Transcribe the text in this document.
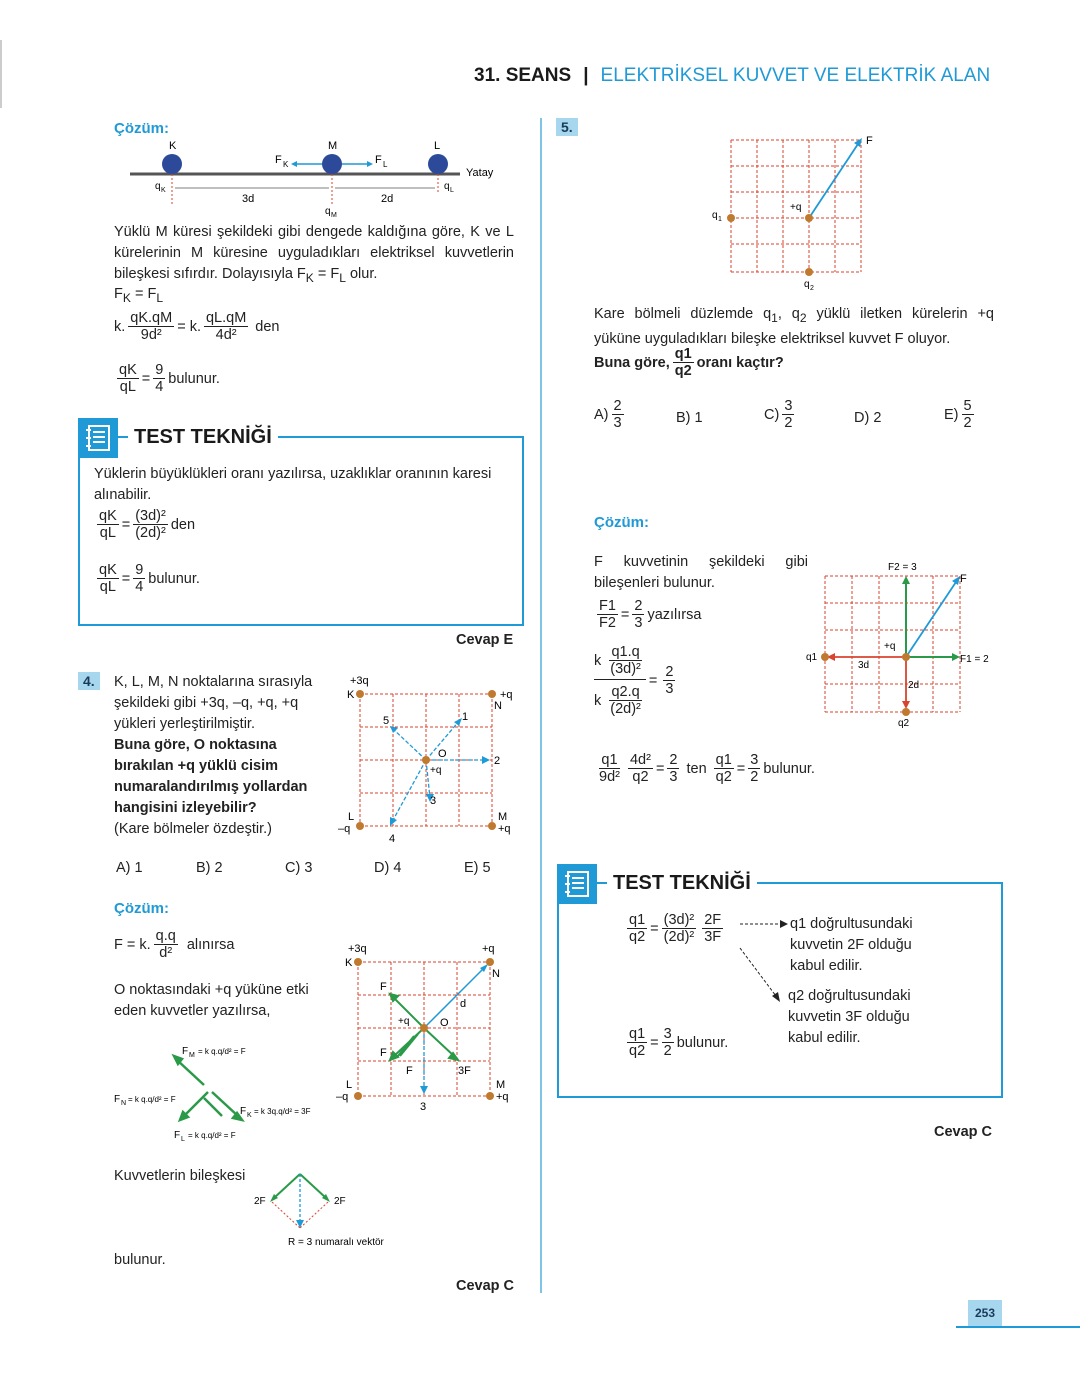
31. SEANS | ELEKTRİKSEL KUVVET VE ELEKTRİK ALAN
Çözüm:
K	M	L
F K	F L
Yatay
q K	q L
3d	2d
q M
Yüklü M küresi şekildeki gibi dengede kaldığına göre, K ve L kürelerinin M küresine uyguladıkları elektriksel kuvvetlerin bileşkesi sıfırdır. Dolayısıyla $F_K = F_L$ olur.
$F_K = F_L$
k. $\frac{qK.qM}{\text{9d²}} = k$. $\frac{qL.qM}{\text{4d²}}$ den
$\frac{qK}{qL} = \frac{9}{4}$ bulunur.
TEST TEKNİĞİ
Yüklerin büyüklükleri oranı yazılırsa, uzaklıklar oranının karesi alınabilir.
$\frac{qK}{qL} = \frac{\text{(3d)²}}{\text{(2d)²}}$ den
$\frac{qK}{qL} = \frac{9}{4}$ bulunur.
Cevap E
4.	K, L, M, N noktalarına sırasıyla şekildeki gibi +3q, –q, +q, +q yükleri yerleştirilmiştir.
Buna göre, O noktasına bırakılan +q yüklü cisim numaralandırılmış yollardan hangisini izleyebilir?
(Kare bölmeler özdeştir.)
+3q
K	+q
N
L
–q
M
+q
O
+q
1
2
3
4
5
A) 1	B) 2	C) 3	D) 4	E) 5
Çözüm:
F = k. $\frac{q.q}{\text{d²}}$ alınırsa
O noktasındaki +q yüküne etki eden kuvvetler yazılırsa,
F M = k q.q/d² = F
F N = k q.q/d² = F
F K = k 3q.q/d² = 3F
F L = k q.q/d² = F
+3q
K
+q
N
L
–q
M
+q
O
+q
F
F
F	3F
d
3
Kuvvetlerin bileşkesi
2F	2F
R = 3 numaralı vektör
bulunur.
Cevap C
5.
F
q 1
+q
q 2
Kare bölmeli düzlemde $q_1$, $q_2$ yüklü iletken kürelerin +q yüküne uyguladıkları bileşke elektriksel kuvvet F oluyor.
Buna göre, $\frac{q1}{q2}$ oranı kaçtır?
$A) \frac{2}{3}$	B) 1	$C) \frac{3}{2}$	D) 2	$E) \frac{5}{2}$
Çözüm:
F kuvvetinin şekildeki gibi bileşenleri bulunur.
$\frac{F1}{F2} = \frac{2}{3}$ yazılırsa
$\frac{k \frac{q1.q}{\text{(3d)²}}}{k \frac{q2.q}{\text{(2d)²}}} = \frac{2}{3}$
$\frac{q1}{\text{9d²}} \frac{\text{4d²}}{q2} = \frac{2}{3}$ ten $\frac{q1}{q2} = \frac{3}{2}$ bulunur.
F2 = 3
F
q1	F1 = 2
+q
3d
2d
q2
TEST TEKNİĞİ
$\frac{q1}{q2} = \frac{\text{(3d)²}}{\text{(2d)²}} \frac{2F}{3F}$	q1 doğrultusundaki kuvvetin 2F olduğu kabul edilir.
q2 doğrultusundaki kuvvetin 3F olduğu kabul edilir.
$\frac{q1}{q2} = \frac{3}{2}$ bulunur.
Cevap C
253
